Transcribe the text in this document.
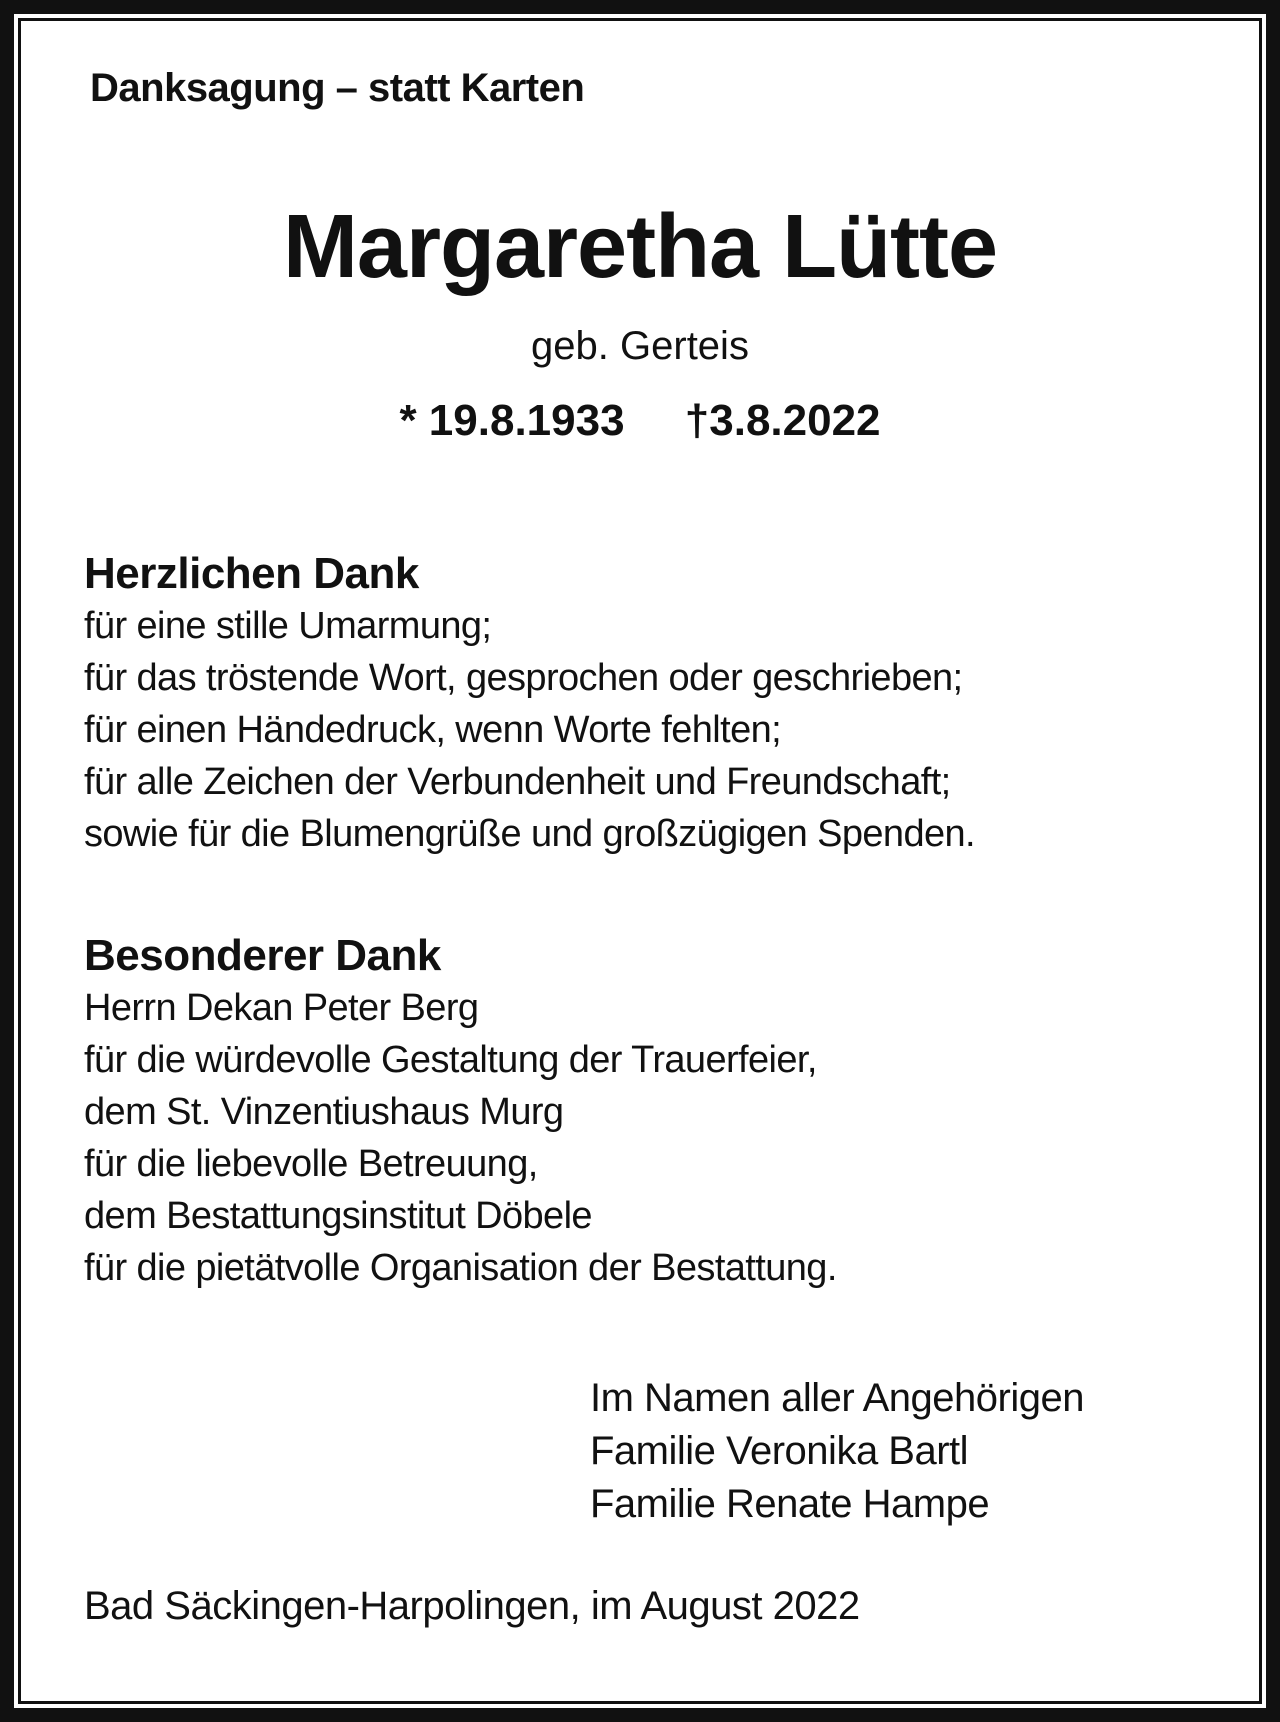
Danksagung – statt Karten
Margaretha Lütte
geb. Gerteis
* 19.8.1933 †3.8.2022
Herzlichen Dank
für eine stille Umarmung;
für das tröstende Wort, gesprochen oder geschrieben;
für einen Händedruck, wenn Worte fehlten;
für alle Zeichen der Verbundenheit und Freundschaft;
sowie für die Blumengrüße und großzügigen Spenden.
Besonderer Dank
Herrn Dekan Peter Berg
für die würdevolle Gestaltung der Trauerfeier,
dem St. Vinzentiushaus Murg
für die liebevolle Betreuung,
dem Bestattungsinstitut Döbele
für die pietätvolle Organisation der Bestattung.
Im Namen aller Angehörigen
Familie Veronika Bartl
Familie Renate Hampe
Bad Säckingen-Harpolingen, im August 2022
